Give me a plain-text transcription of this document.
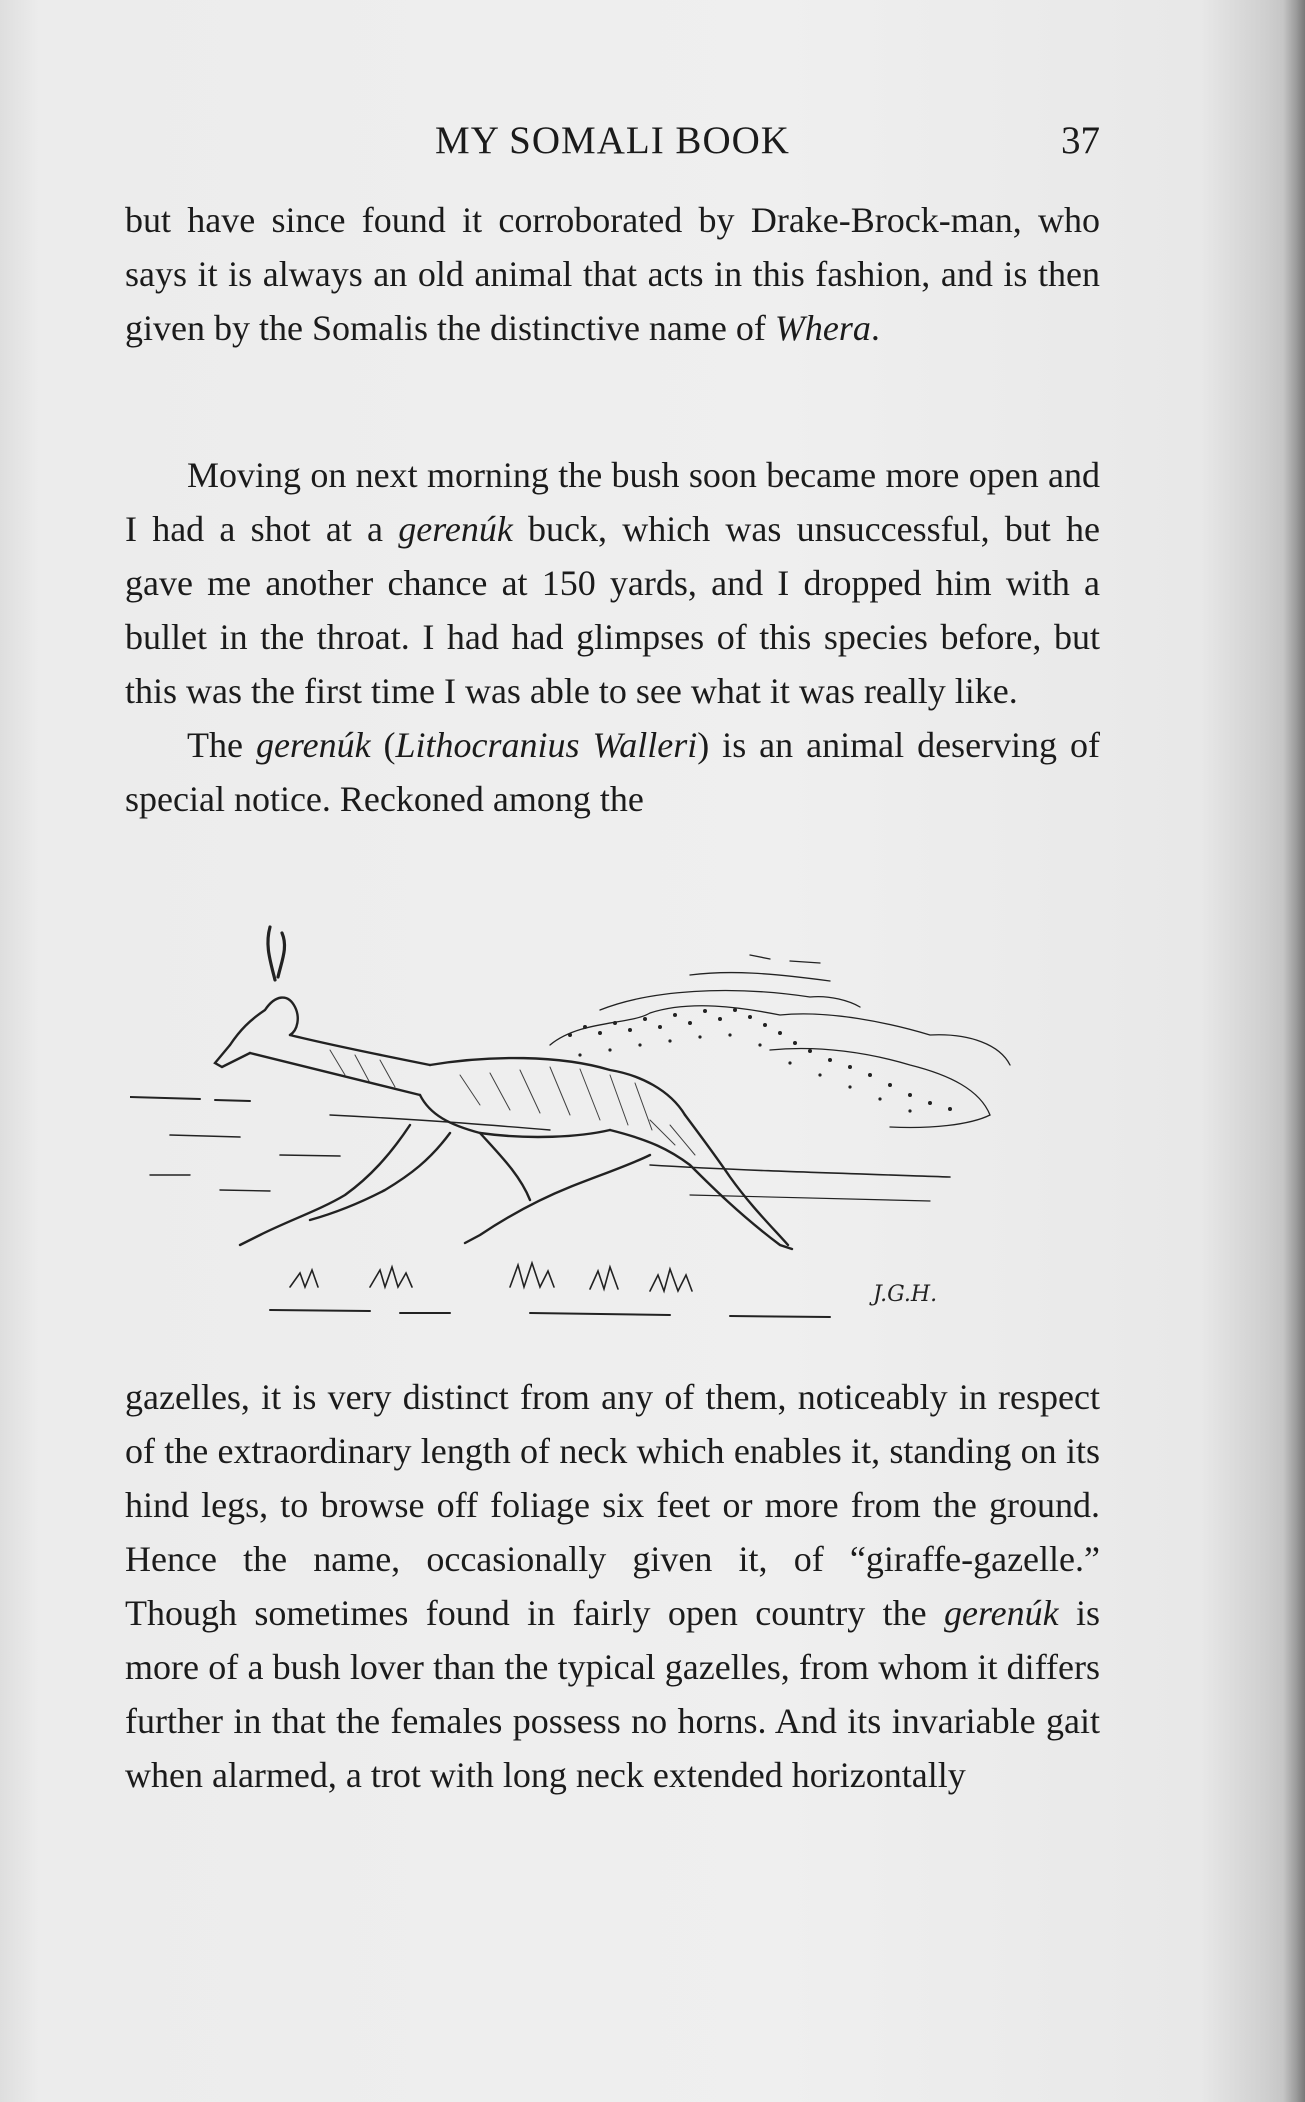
MY SOMALI BOOK	37

but have since found it corroborated by Drake-Brock-man, who says it is always an old animal that acts in this fashion, and is then given by the Somalis the distinctive name of Whera.

Moving on next morning the bush soon became more open and I had a shot at a gerenúk buck, which was unsuccessful, but he gave me another chance at 150 yards, and I dropped him with a bullet in the throat. I had had glimpses of this species before, but this was the first time I was able to see what it was really like.

The gerenúk (Lithocranius Walleri) is an animal deserving of special notice. Reckoned among the

J.G.H.

gazelles, it is very distinct from any of them, noticeably in respect of the extraordinary length of neck which enables it, standing on its hind legs, to browse off foliage six feet or more from the ground. Hence the name, occasionally given it, of “giraffe-gazelle.” Though sometimes found in fairly open country the gerenúk is more of a bush lover than the typical gazelles, from whom it differs further in that the females possess no horns. And its invariable gait when alarmed, a trot with long neck extended horizontally
